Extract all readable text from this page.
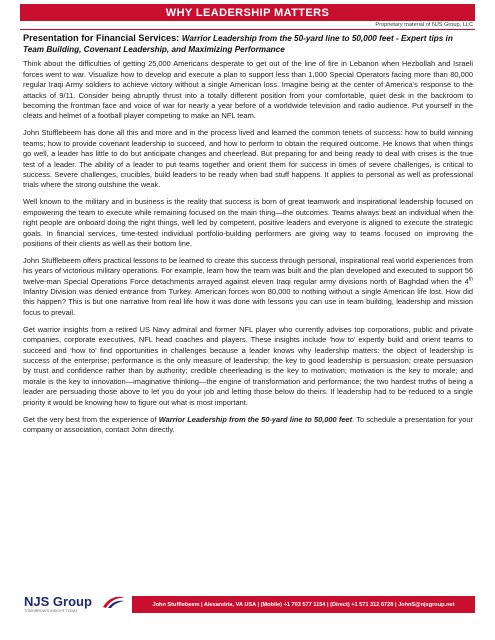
WHY LEADERSHIP MATTERS
Proprietary material of NJS Group, LLC
Presentation for Financial Services: Warrior Leadership from the 50-yard line to 50,000 feet - Expert tips in Team Building, Covenant Leadership, and Maximizing Performance

Think about the difficulties of getting 25,000 Americans desperate to get out of the line of fire in Lebanon when Hezbollah and Israeli forces went to war. Visualize how to develop and execute a plan to support less than 1,000 Special Operators facing more than 80,000 regular Iraqi Army soldiers to achieve victory without a single American loss. Imagine being at the center of America’s response to the attacks of 9/11. Consider being abruptly thrust into a totally different position from your comfortable, quiet desk in the backroom to becoming the frontman face and voice of war for nearly a year before of a worldwide television and radio audience. Put yourself in the cleats and helmet of a football player competing to make an NFL team.

John Stufflebeem has done all this and more and in the process lived and learned the common tenets of success: how to build winning teams; how to provide covenant leadership to succeed, and how to perform to obtain the required outcome. He knows that when things go well, a leader has little to do but anticipate changes and cheerlead. But preparing for and being ready to deal with crises is the true test of a leader. The ability of a leader to put teams together and orient them for success in times of severe challenges, is critical to success. Severe challenges, crucibles, build leaders to be ready when bad stuff happens. It applies to personal as well as professional trials where the strong outshine the weak.

Well known to the military and in business is the reality that success is born of great teamwork and inspirational leadership focused on empowering the team to execute while remaining focused on the main thing—the outcomes. Teams always beat an individual when the right people are onboard doing the right things, well led by competent, positive leaders and everyone is aligned to execute the strategic goals. In financial services, time-tested individual portfolio-building performers are giving way to teams focused on improving the positions of their clients as well as their bottom line.

John Stufflebeem offers practical lessons to be learned to create this success through personal, inspirational real world experiences from his years of victorious military operations. For example, learn how the team was built and the plan developed and executed to support 56 twelve-man Special Operations Force detachments arrayed against eleven Iraqi regular army divisions north of Baghdad when the 4th Infantry Division was denied entrance from Turkey. American forces won 80,000 to nothing without a single American life lost. How did this happen? This is but one narrative from real life how it was done with lessons you can use in team building, leadership and mission focus to prevail.

Get warrior insights from a retired US Navy admiral and former NFL player who currently advises top corporations, public and private companies, corporate executives, NFL head coaches and players. These insights include ‘how to’ expertly build and orient teams to succeed and ‘how to’ find opportunities in challenges because a leader knows why leadership matters: the object of leadership is success of the enterprise; performance is the only measure of leadership; the key to good leadership is persuasion; create persuasion by trust and confidence rather than by authority; credible cheerleading is the key to motivation; motivation is the key to morale; and morale is the key to innovation—imaginative thinking—the engine of transformation and performance; the two hardest truths of being a leader are persuading those above to let you do your job and letting those below do theirs. If leadership had to be reduced to a single priority it would be knowing how to figure out what is most important.

Get the very best from the experience of Warrior Leadership from the 50-yard line to 50,000 feet. To schedule a presentation for your company or association, contact John directly.

NJS Group
TOMORROW'S INSIGHT TODAY
John Stufflebeem | Alexandria, VA USA | (Mobile) +1 703 577 1154 | (Direct) +1 571 312 6728 | JohnS@njsgroup.net
